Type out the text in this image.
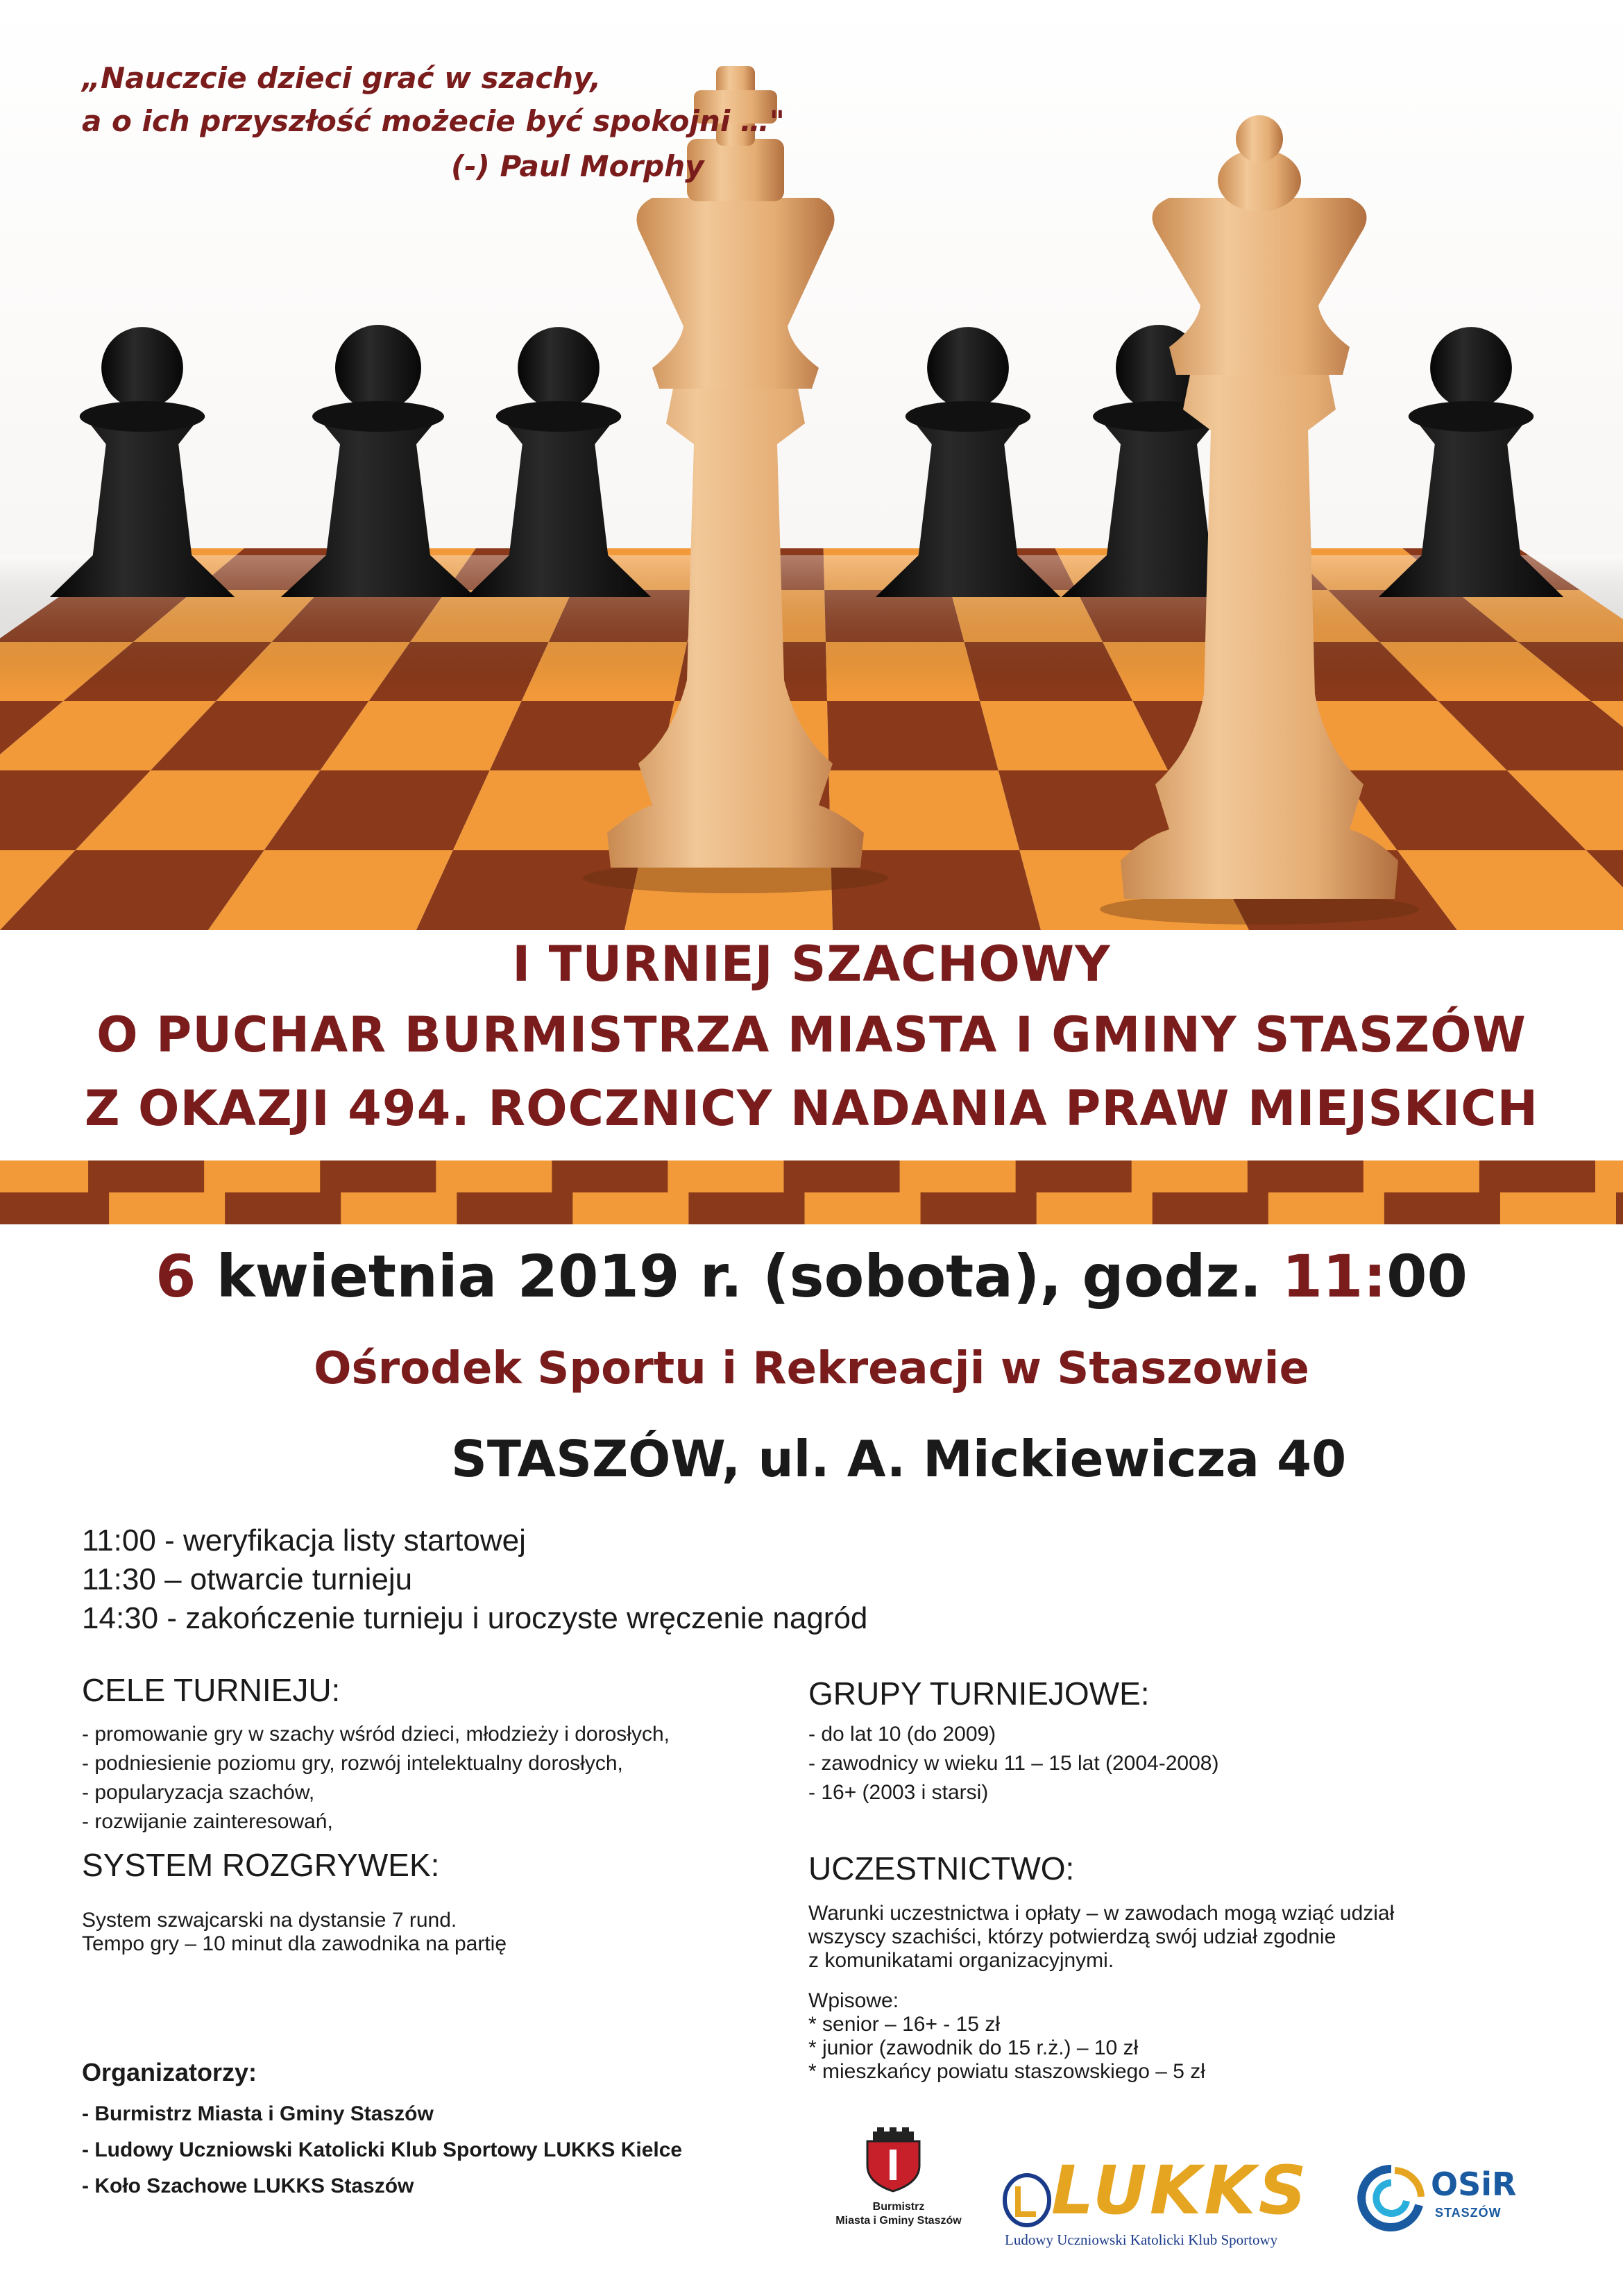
„Nauczcie dzieci grać w szachy,
a o ich przyszłość możecie być spokojni …"
(-) Paul Morphy
I TURNIEJ SZACHOWY
O PUCHAR BURMISTRZA MIASTA I GMINY STASZÓW
Z OKAZJI 494. ROCZNICY NADANIA PRAW MIEJSKICH
6 kwietnia 2019 r. (sobota), godz. 11:00
Ośrodek Sportu i Rekreacji w Staszowie
STASZÓW, ul. A. Mickiewicza 40
11:00 - weryfikacja listy startowej
11:30 – otwarcie turnieju
14:30 - zakończenie turnieju i uroczyste wręczenie nagród
CELE TURNIEJU:
- promowanie gry w szachy wśród dzieci, młodzieży i dorosłych,
- podniesienie poziomu gry, rozwój intelektualny dorosłych,
- popularyzacja szachów,
- rozwijanie zainteresowań,
SYSTEM ROZGRYWEK:
System szwajcarski na dystansie 7 rund.
Tempo gry – 10 minut dla zawodnika na partię
GRUPY TURNIEJOWE:
- do lat 10 (do 2009)
- zawodnicy w wieku 11 – 15 lat (2004-2008)
- 16+ (2003 i starsi)
UCZESTNICTWO:
Warunki uczestnictwa i opłaty – w zawodach mogą wziąć udział
wszyscy szachiści, którzy potwierdzą swój udział zgodnie
z komunikatami organizacyjnymi.
Wpisowe:
* senior – 16+ - 15 zł
* junior (zawodnik do 15 r.ż.) – 10 zł
* mieszkańcy powiatu staszowskiego – 5 zł
Organizatorzy:
- Burmistrz Miasta i Gminy Staszów
- Ludowy Uczniowski Katolicki Klub Sportowy LUKKS Kielce
- Koło Szachowe LUKKS Staszów
Burmistrz
Miasta i Gminy Staszów	LUKKS
Ludowy Uczniowski Katolicki Klub Sportowy
OSiR
STASZÓW
